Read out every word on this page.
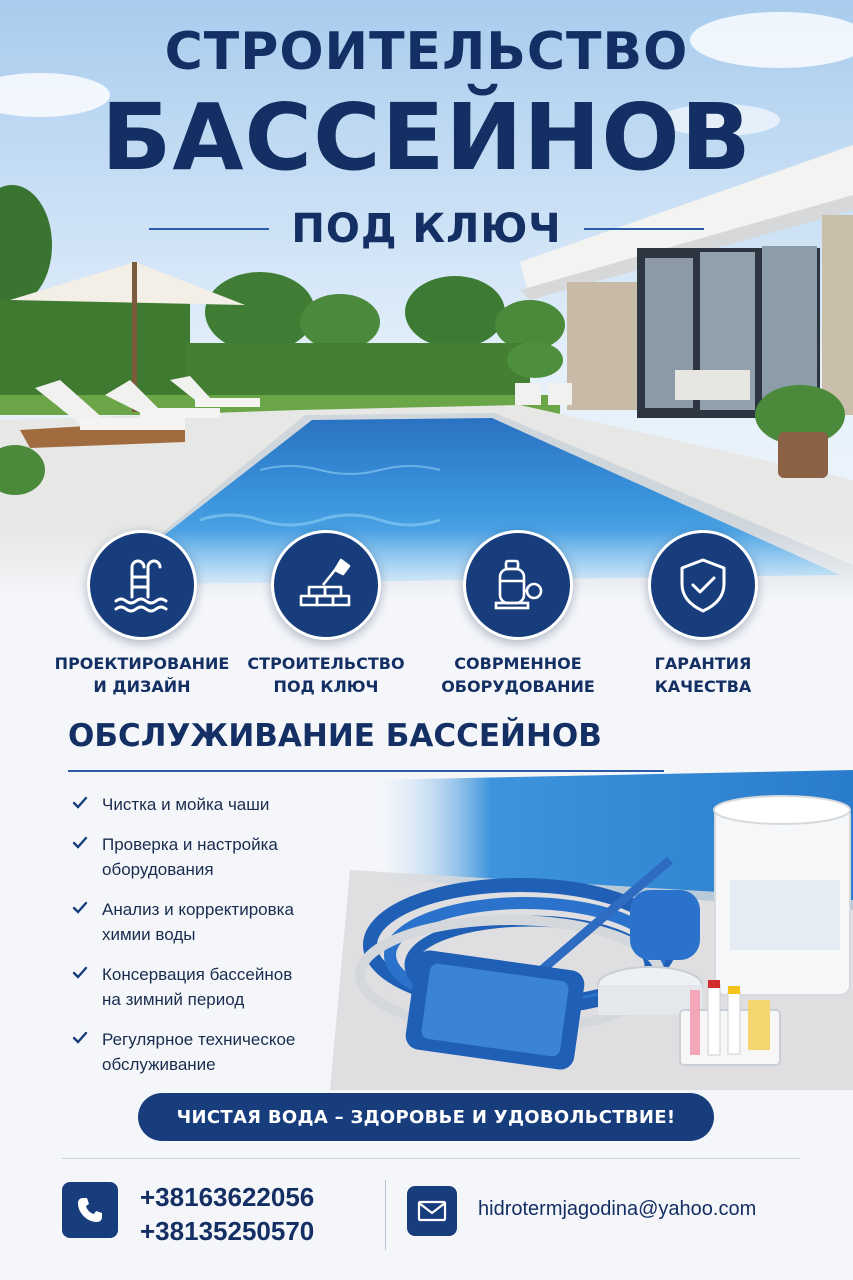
СТРОИТЕЛЬСТВО
БАССЕЙНОВ
ПОД КЛЮЧ
ПРОЕКТИРОВАНИЕ
И ДИЗАЙН
СТРОИТЕЛЬСТВО
ПОД КЛЮЧ
СОВРМЕННОЕ
ОБОРУДОВАНИЕ
ГАРАНТИЯ
КАЧЕСТВА
ОБСЛУЖИВАНИЕ БАССЕЙНОВ
Чистка и мойка чаши
Проверка и настройка
оборудования
Анализ и корректировка
химии воды
Консервация бассейнов
на зимний период
Регулярное техническое
обслуживание
ЧИСТАЯ ВОДА – ЗДОРОВЬЕ И УДОВОЛЬСТВИЕ!
+38163622056
+38135250570
hidrotermjagodina@yahoo.com
